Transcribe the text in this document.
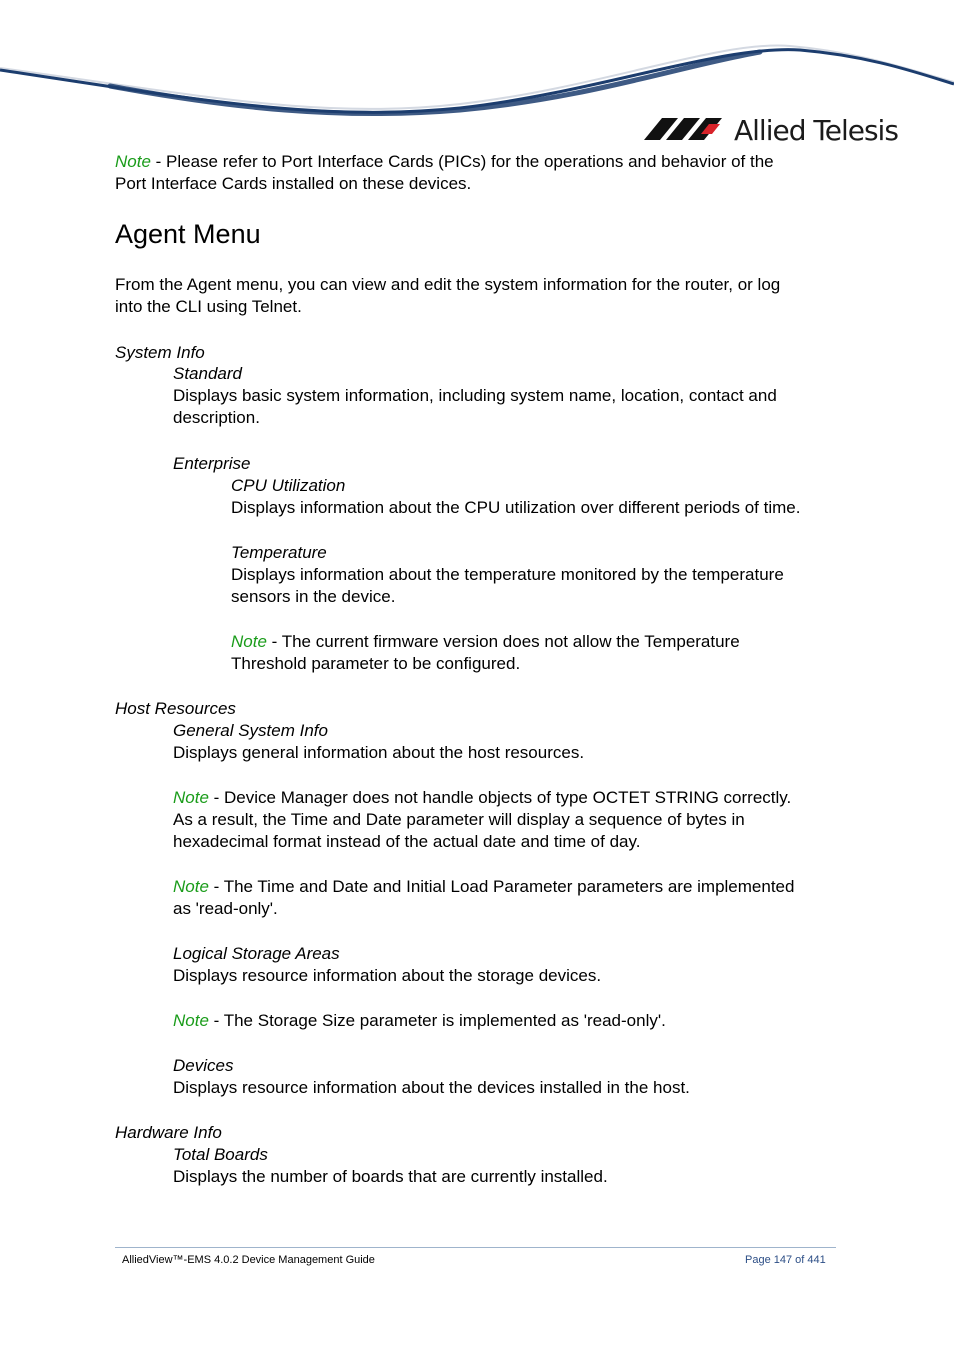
Allied Telesis
Note - Please refer to Port Interface Cards (PICs) for the operations and behavior of the
Port Interface Cards installed on these devices.
Agent Menu
From the Agent menu, you can view and edit the system information for the router, or log
into the CLI using Telnet.
System Info
Standard
Displays basic system information, including system name, location, contact and
description.
Enterprise
CPU Utilization
Displays information about the CPU utilization over different periods of time.
Temperature
Displays information about the temperature monitored by the temperature
sensors in the device.
Note - The current firmware version does not allow the Temperature
Threshold parameter to be configured.
Host Resources
General System Info
Displays general information about the host resources.
Note - Device Manager does not handle objects of type OCTET STRING correctly.
As a result, the Time and Date parameter will display a sequence of bytes in
hexadecimal format instead of the actual date and time of day.
Note - The Time and Date and Initial Load Parameter parameters are implemented
as 'read-only'.
Logical Storage Areas
Displays resource information about the storage devices.
Note - The Storage Size parameter is implemented as 'read-only'.
Devices
Displays resource information about the devices installed in the host.
Hardware Info
Total Boards
Displays the number of boards that are currently installed.
AlliedView™-EMS 4.0.2 Device Management Guide	Page 147 of 441
